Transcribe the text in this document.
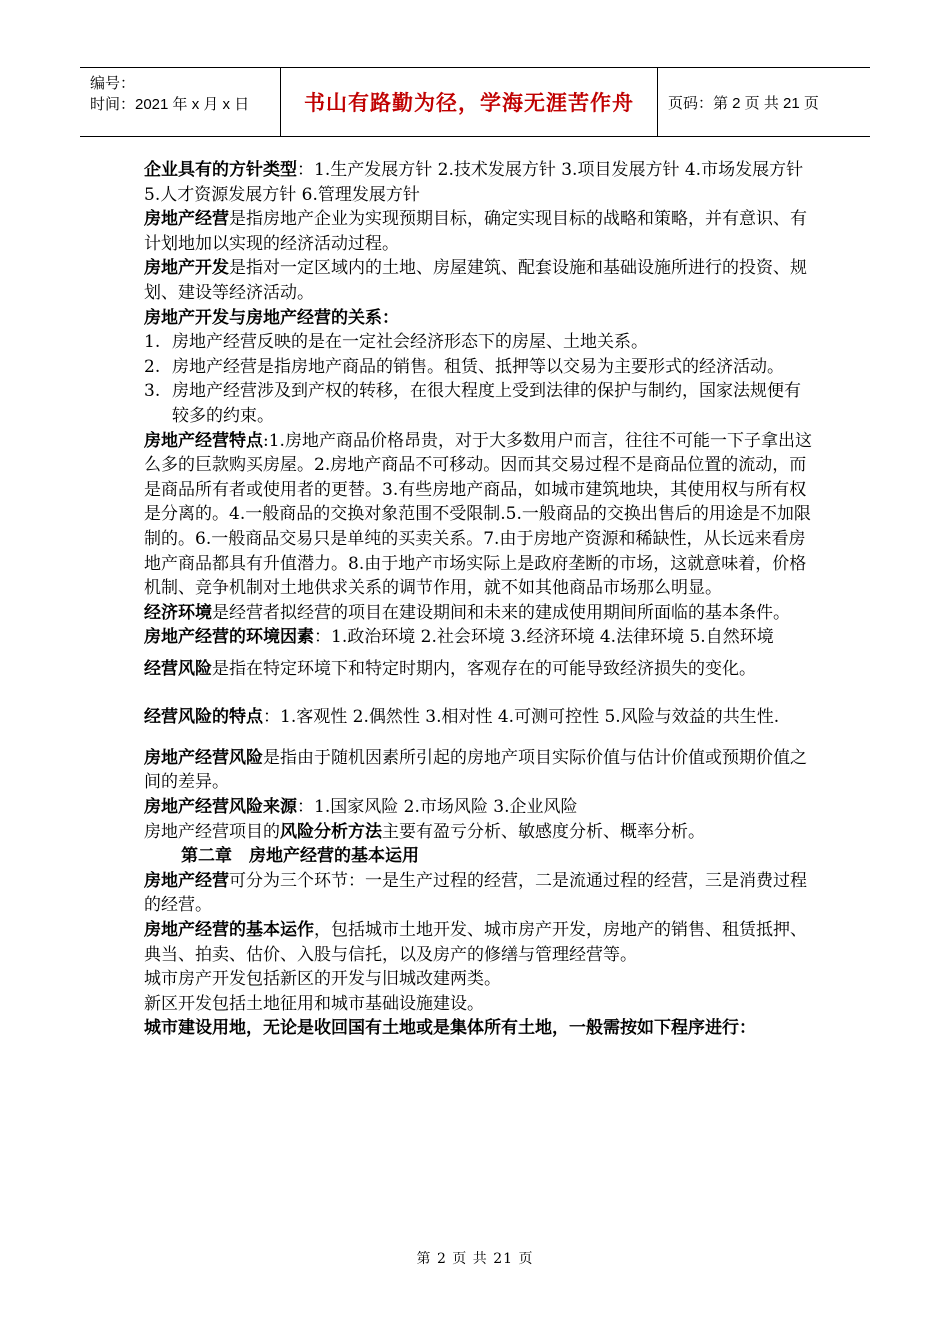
编号：
时间：2021 年 x 月 x 日	书山有路勤为径，学海无涯苦作舟	页码：第 2 页 共 21 页

企业具有的方针类型：1.生产发展方针 2.技术发展方针 3.项目发展方针 4.市场发展方针 5.人才资源发展方针 6.管理发展方针

房地产经营是指房地产企业为实现预期目标，确定实现目标的战略和策略，并有意识、有计划地加以实现的经济活动过程。

房地产开发是指对一定区域内的土地、房屋建筑、配套设施和基础设施所进行的投资、规划、建设等经济活动。

房地产开发与房地产经营的关系：

1. 房地产经营反映的是在一定社会经济形态下的房屋、土地关系。
2. 房地产经营是指房地产商品的销售。租赁、抵押等以交易为主要形式的经济活动。
3. 房地产经营涉及到产权的转移，在很大程度上受到法律的保护与制约，国家法规便有较多的约束。

房地产经营特点:1.房地产商品价格昂贵，对于大多数用户而言，往往不可能一下子拿出这么多的巨款购买房屋。2.房地产商品不可移动。因而其交易过程不是商品位置的流动，而是商品所有者或使用者的更替。3.有些房地产商品，如城市建筑地块，其使用权与所有权是分离的。4.一般商品的交换对象范围不受限制.5.一般商品的交换出售后的用途是不加限制的。6.一般商品交易只是单纯的买卖关系。7.由于房地产资源和稀缺性，从长远来看房地产商品都具有升值潜力。8.由于地产市场实际上是政府垄断的市场，这就意味着，价格机制、竞争机制对土地供求关系的调节作用，就不如其他商品市场那么明显。

经济环境是经营者拟经营的项目在建设期间和未来的建成使用期间所面临的基本条件。

房地产经营的环境因素：1.政治环境 2.社会环境 3.经济环境 4.法律环境 5.自然环境

经营风险是指在特定环境下和特定时期内，客观存在的可能导致经济损失的变化。

经营风险的特点：1.客观性 2.偶然性 3.相对性 4.可测可控性 5.风险与效益的共生性.

房地产经营风险是指由于随机因素所引起的房地产项目实际价值与估计价值或预期价值之间的差异。

房地产经营风险来源：1.国家风险 2.市场风险 3.企业风险

房地产经营项目的风险分析方法主要有盈亏分析、敏感度分析、概率分析。

第二章　房地产经营的基本运用

房地产经营可分为三个环节：一是生产过程的经营，二是流通过程的经营，三是消费过程的经营。

房地产经营的基本运作，包括城市土地开发、城市房产开发，房地产的销售、租赁抵押、典当、拍卖、估价、入股与信托，以及房产的修缮与管理经营等。

城市房产开发包括新区的开发与旧城改建两类。

新区开发包括土地征用和城市基础设施建设。

城市建设用地，无论是收回国有土地或是集体所有土地，一般需按如下程序进行：

第 2 页 共 21 页
